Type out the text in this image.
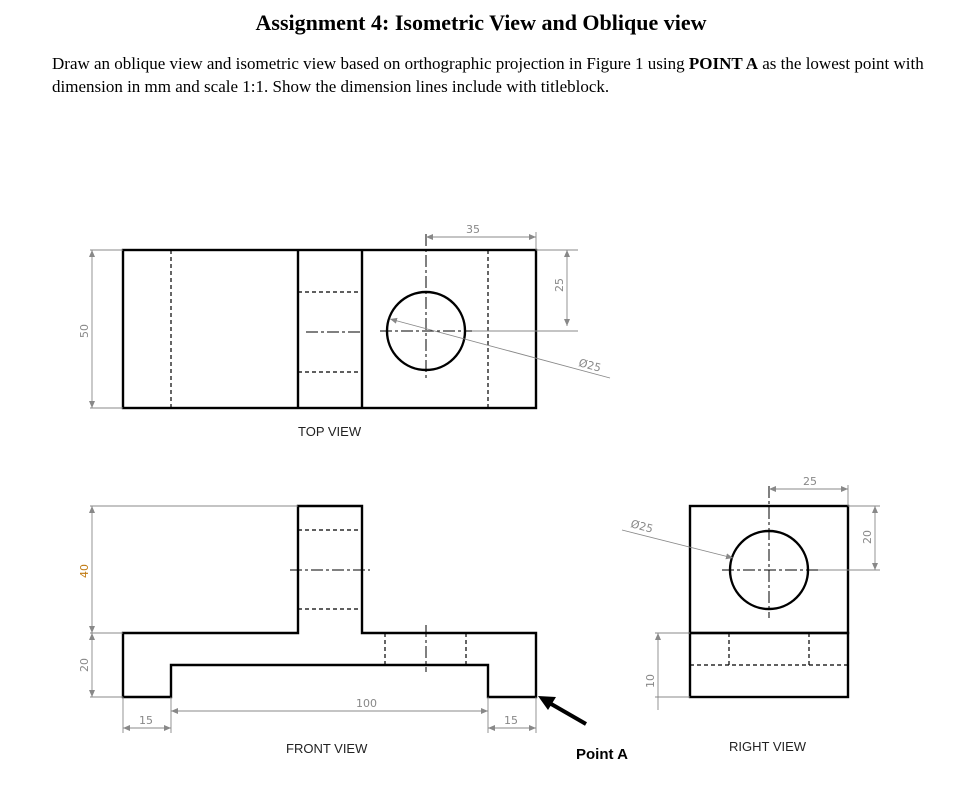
Assignment 4: Isometric View and Oblique view

Draw an oblique view and isometric view based on orthographic projection in Figure 1 using POINT A as the lowest point with dimension in mm and scale 1:1. Show the dimension lines include with titleblock.

35
25
50
Ø25
TOP VIEW
40
20
100
15	15
FRONT VIEW	Point A
25
20
10
Ø25
RIGHT VIEW
